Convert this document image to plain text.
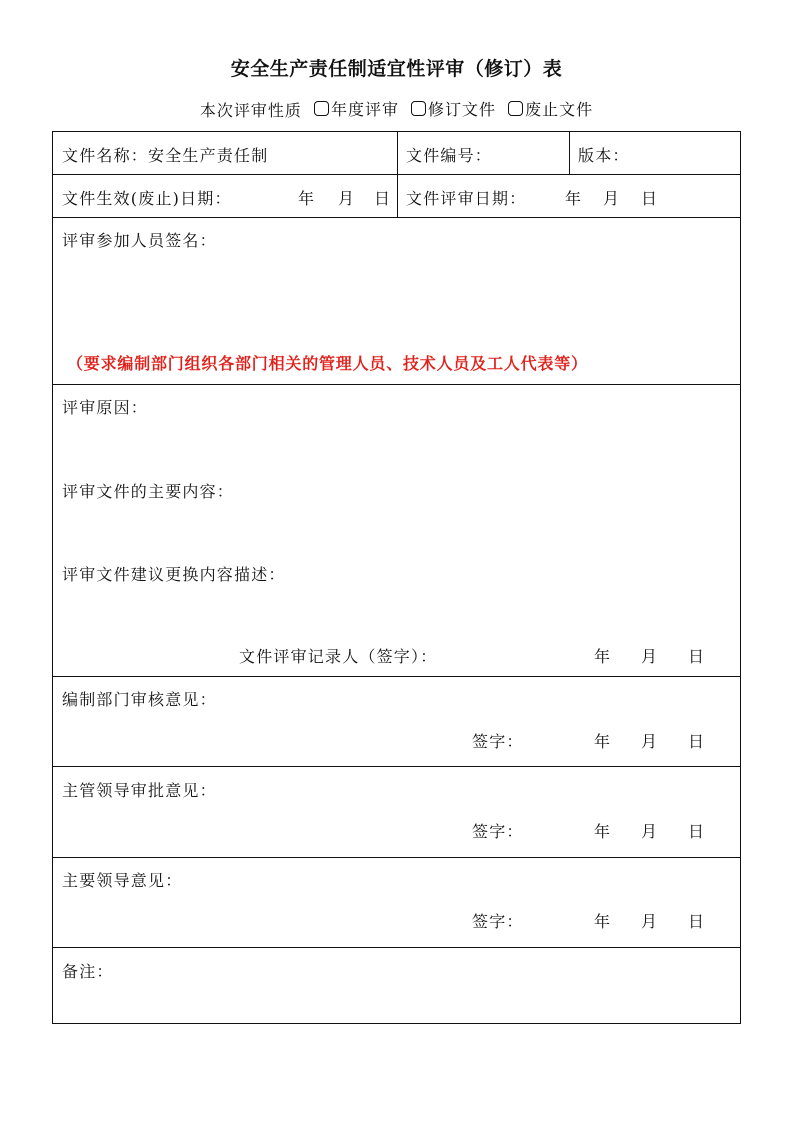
安全生产责任制适宜性评审（修订）表
本次评审性质 年度评审
修订文件
废止文件
文件名称：安全生产责任制	文件编号：	版本：
文件生效(废止)日期：	年 月 日 文件评审日期： 年 月 日
评审参加人员签名：
（要求编制部门组织各部门相关的管理人员、技术人员及工人代表等）
评审原因：
评审文件的主要内容：
评审文件建议更换内容描述：
文件评审记录人（签字）：	年 月 日
编制部门审核意见：
签字：	年 月 日
主管领导审批意见：
签字：	年 月 日
主要领导意见：
签字：	年 月 日
备注：
